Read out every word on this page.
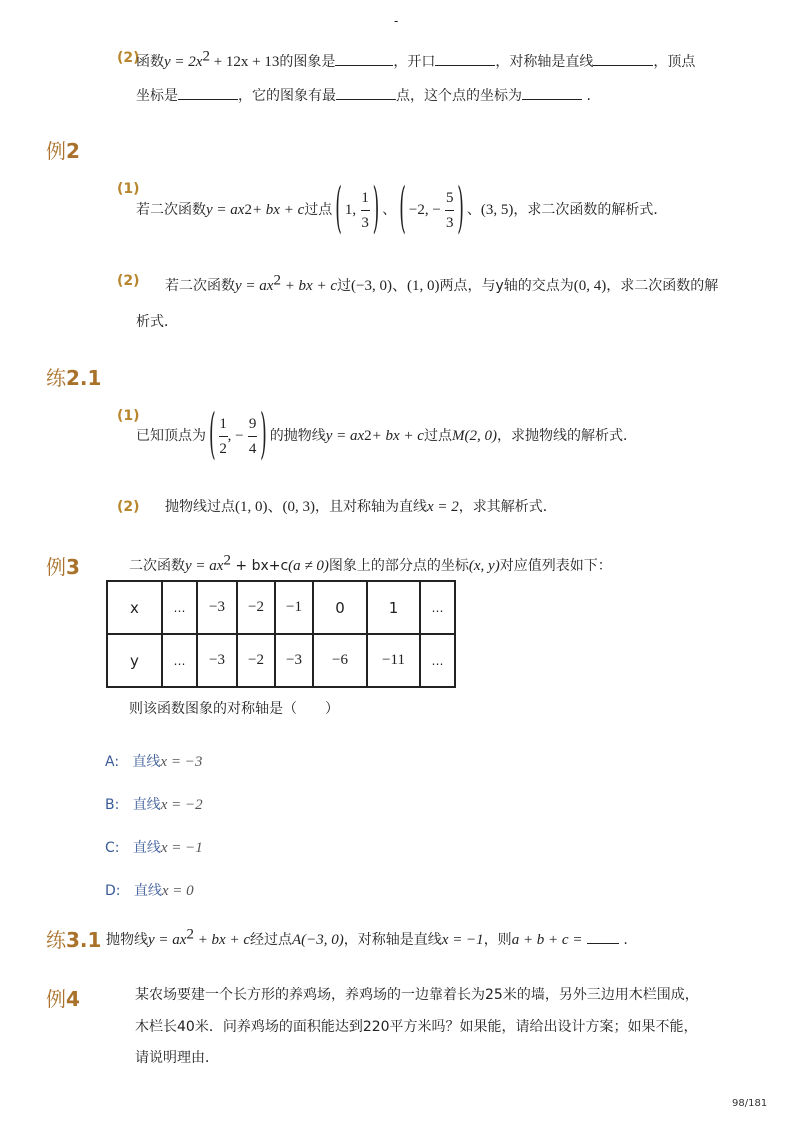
-
(2)
函数$y = 2x^2 + 12x + 13$的图象是	，开口	，对称轴是直线	，顶点
坐标是	，它的图象有最	点，这个点的坐标为	.
例2
(1)
若二次函数 y = ax 2 + bx + c 过点 ( 1,
$\frac{1}{3}$ ) 、 ( −2, −
$\frac{5}{3}$ ) 、 (3, 5) ，求二次函数的解析式．
(2) 若二次函数$y = ax^2$ + bx + c过(−3, 0)、(1, 0)两点，与y轴的交点为(0, 4)，求二次函数的解
析式．
练2.1
(1)
已知顶点为 ( $\frac{1}{2}$ , −
$\frac{9}{4}$ ) 的抛物线 y = ax 2 + bx + c 过点 M(2, 0) ，求抛物线的解析式．
(2) 抛物线过点(1, 0)、(0, 3)，且对称轴为直线x = 2，求其解析式．
例3	二次函数$y = ax^2 + bx+c(a \ne 0)$图象上的部分点的坐标(x, y)对应值列表如下：
x	…	−3	−2	−1	0	1	…
y	…	−3	−2	−3	−6	−11	…
则该函数图象的对称轴是（　　）
A: 直线x = −3
B: 直线x = −2
C: 直线x = −1
D: 直线x = 0
练3.1 抛物线$y = ax^2$ + bx + c经过点A(−3, 0)，对称轴是直线x = −1，则a + b + c =	.
例4	某农场要建一个长方形的养鸡场，养鸡场的一边靠着长为25米的墙，另外三边用木栏围成，
木栏长40米．问养鸡场的面积能达到220平方米吗？如果能，请给出设计方案；如果不能，
请说明理由．
98/181
